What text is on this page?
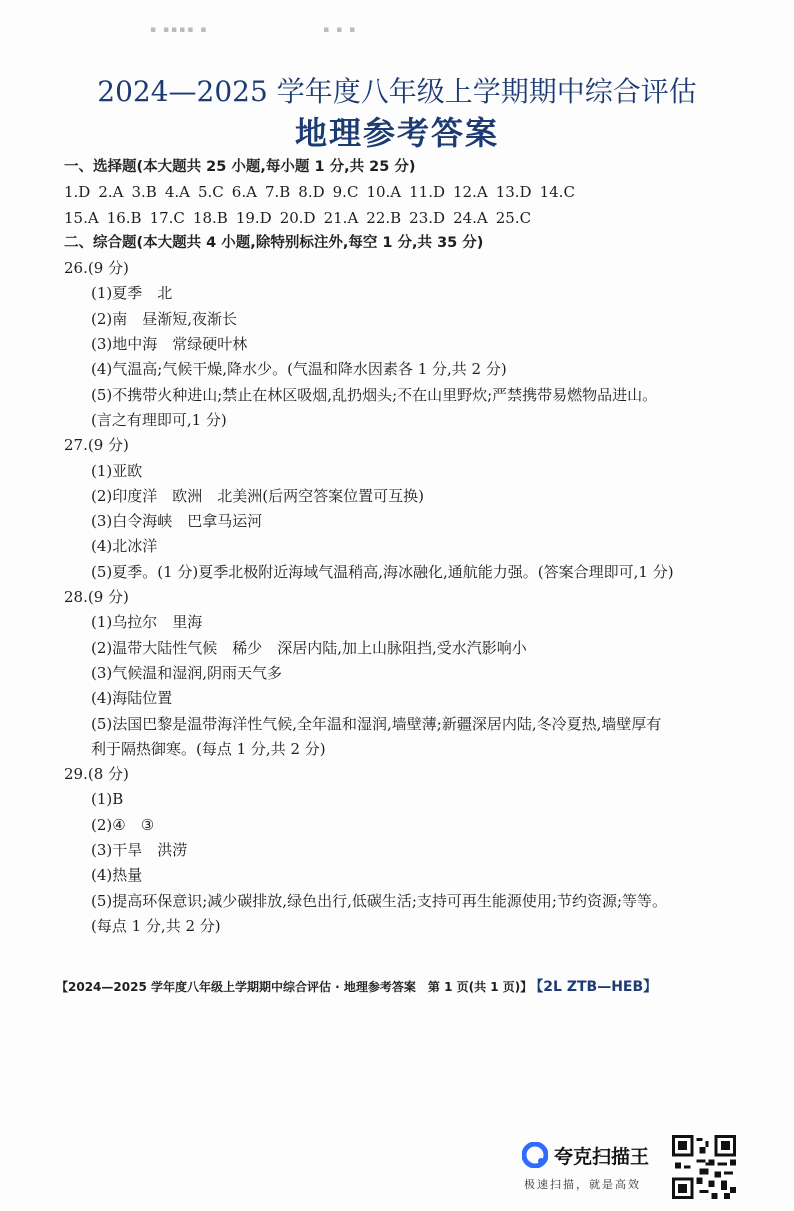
▪ ▪▪▪▪ ▪　　　　　　　　　　 ▪ ▪ ▪
2024—2025 学年度八年级上学期期中综合评估
地理参考答案
一、选择题(本大题共 25 小题,每小题 1 分,共 25 分)
1.D 2.A 3.B 4.A 5.C 6.A 7.B 8.D 9.C 10.A 11.D 12.A 13.D 14.C
15.A 16.B 17.C 18.B 19.D 20.D 21.A 22.B 23.D 24.A 25.C
二、综合题(本大题共 4 小题,除特别标注外,每空 1 分,共 35 分)
26.(9 分)
(1)夏季　北
(2)南　昼渐短,夜渐长
(3)地中海　常绿硬叶林
(4)气温高;气候干燥,降水少。(气温和降水因素各 1 分,共 2 分)
(5)不携带火种进山;禁止在林区吸烟,乱扔烟头;不在山里野炊;严禁携带易燃物品进山。
(言之有理即可,1 分)
27.(9 分)
(1)亚欧
(2)印度洋　欧洲　北美洲(后两空答案位置可互换)
(3)白令海峡　巴拿马运河
(4)北冰洋
(5)夏季。(1 分)夏季北极附近海域气温稍高,海冰融化,通航能力强。(答案合理即可,1 分)
28.(9 分)
(1)乌拉尔　里海
(2)温带大陆性气候　稀少　深居内陆,加上山脉阻挡,受水汽影响小
(3)气候温和湿润,阴雨天气多
(4)海陆位置
(5)法国巴黎是温带海洋性气候,全年温和湿润,墙壁薄;新疆深居内陆,冬冷夏热,墙壁厚有
利于隔热御寒。(每点 1 分,共 2 分)
29.(8 分)
(1)B
(2)④　③
(3)干旱　洪涝
(4)热量
(5)提高环保意识;减少碳排放,绿色出行,低碳生活;支持可再生能源使用;节约资源;等等。
(每点 1 分,共 2 分)
【2024—2025 学年度八年级上学期期中综合评估 · 地理参考答案　第 1 页(共 1 页)】 【2L ZTB—HEB】
夸克扫描王
极速扫描，就是高效
